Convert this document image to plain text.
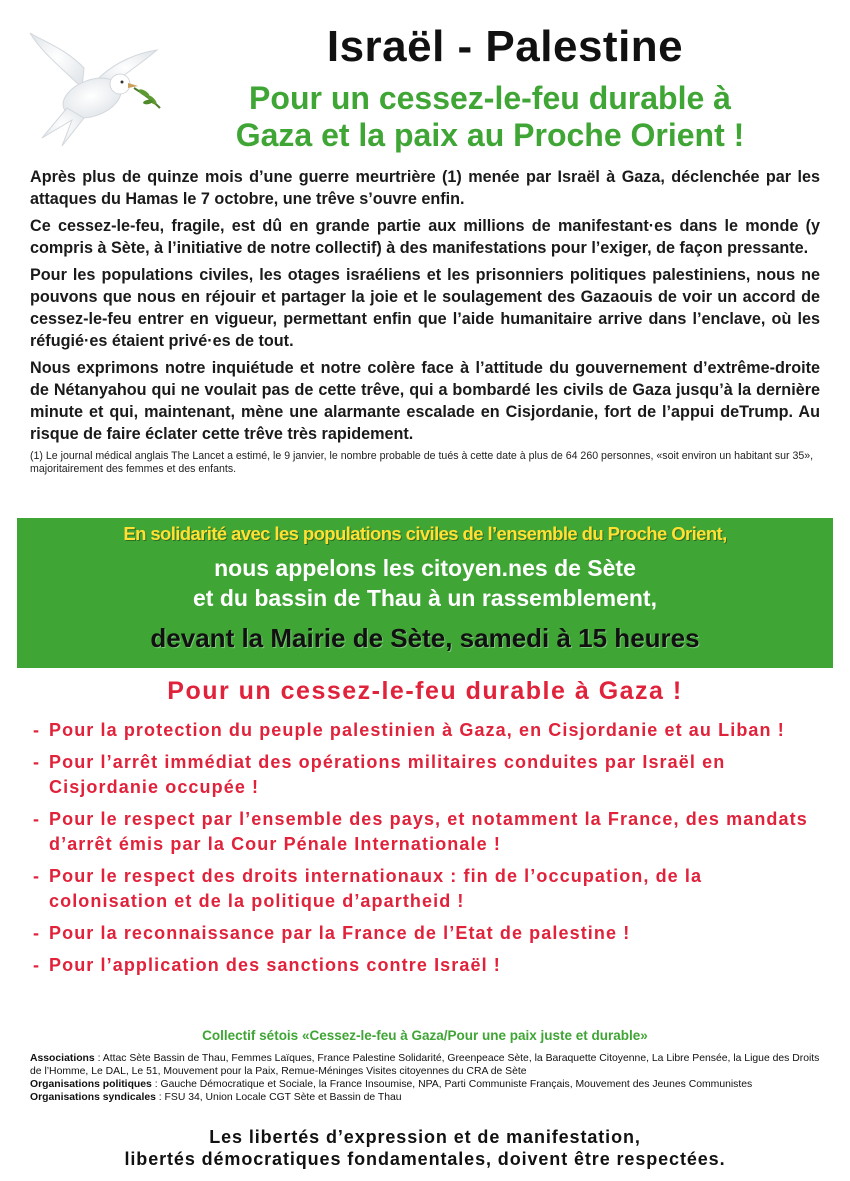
Israël - Palestine
Pour un cessez-le-feu durable à
Gaza et la paix au Proche Orient !

Après plus de quinze mois d’une guerre meurtrière (1) menée par Israël à Gaza, déclenchée par les attaques du Hamas le 7 octobre, une trêve s’ouvre enfin.

Ce cessez-le-feu, fragile, est dû en grande partie aux millions de manifestant·es dans le monde (y compris à Sète, à l’initiative de notre collectif) à des manifestations pour l’exiger, de façon pressante.

Pour les populations civiles, les otages israéliens et les prisonniers politiques palestiniens, nous ne pouvons que nous en réjouir et partager la joie et le soulagement des Gazaouis de voir un accord de cessez-le-feu entrer en vigueur, permettant enfin que l’aide humanitaire arrive dans l’enclave, où les réfugié·es étaient privé·es de tout.

Nous exprimons notre inquiétude et notre colère face à l’attitude du gouvernement d’extrême-droite de Nétanyahou qui ne voulait pas de cette trêve, qui a bombardé les civils de Gaza jusqu’à la dernière minute et qui, maintenant, mène une alarmante escalade en Cisjordanie, fort de l’appui deTrump. Au risque de faire éclater cette trêve très rapidement.

(1) Le journal médical anglais The Lancet a estimé, le 9 janvier, le nombre probable de tués à cette date à plus de 64 260 personnes, «soit environ un habitant sur 35», majoritairement des femmes et des enfants.
En solidarité avec les populations civiles de l’ensemble du Proche Orient,
nous appelons les citoyen.nes de Sète
et du bassin de Thau à un rassemblement,
devant la Mairie de Sète, samedi à 15 heures
Pour un cessez-le-feu durable à Gaza !
- Pour la protection du peuple palestinien à Gaza, en Cisjordanie et au Liban !
- Pour l’arrêt immédiat des opérations militaires conduites par Israël en Cisjordanie occupée !
- Pour le respect par l’ensemble des pays, et notamment la France, des mandats d’arrêt émis par la Cour Pénale Internationale !
- Pour le respect des droits internationaux : fin de l’occupation, de la colonisation et de la politique d’apartheid !
- Pour la reconnaissance par la France de l’Etat de palestine !
- Pour l’application des sanctions contre Israël !
Collectif sétois «Cessez-le-feu à Gaza/Pour une paix juste et durable»

Associations : Attac Sète Bassin de Thau, Femmes Laïques, France Palestine Solidarité, Greenpeace Sète, la Baraquette Citoyenne, La Libre Pensée, la Ligue des Droits de l’Homme, Le DAL, Le 51, Mouvement pour la Paix, Remue-Méninges Visites citoyennes du CRA de Sète

Organisations politiques : Gauche Démocratique et Sociale, la France Insoumise, NPA, Parti Communiste Français, Mouvement des Jeunes Communistes

Organisations syndicales : FSU 34, Union Locale CGT Sète et Bassin de Thau

Les libertés d’expression et de manifestation,
libertés démocratiques fondamentales, doivent être respectées.
